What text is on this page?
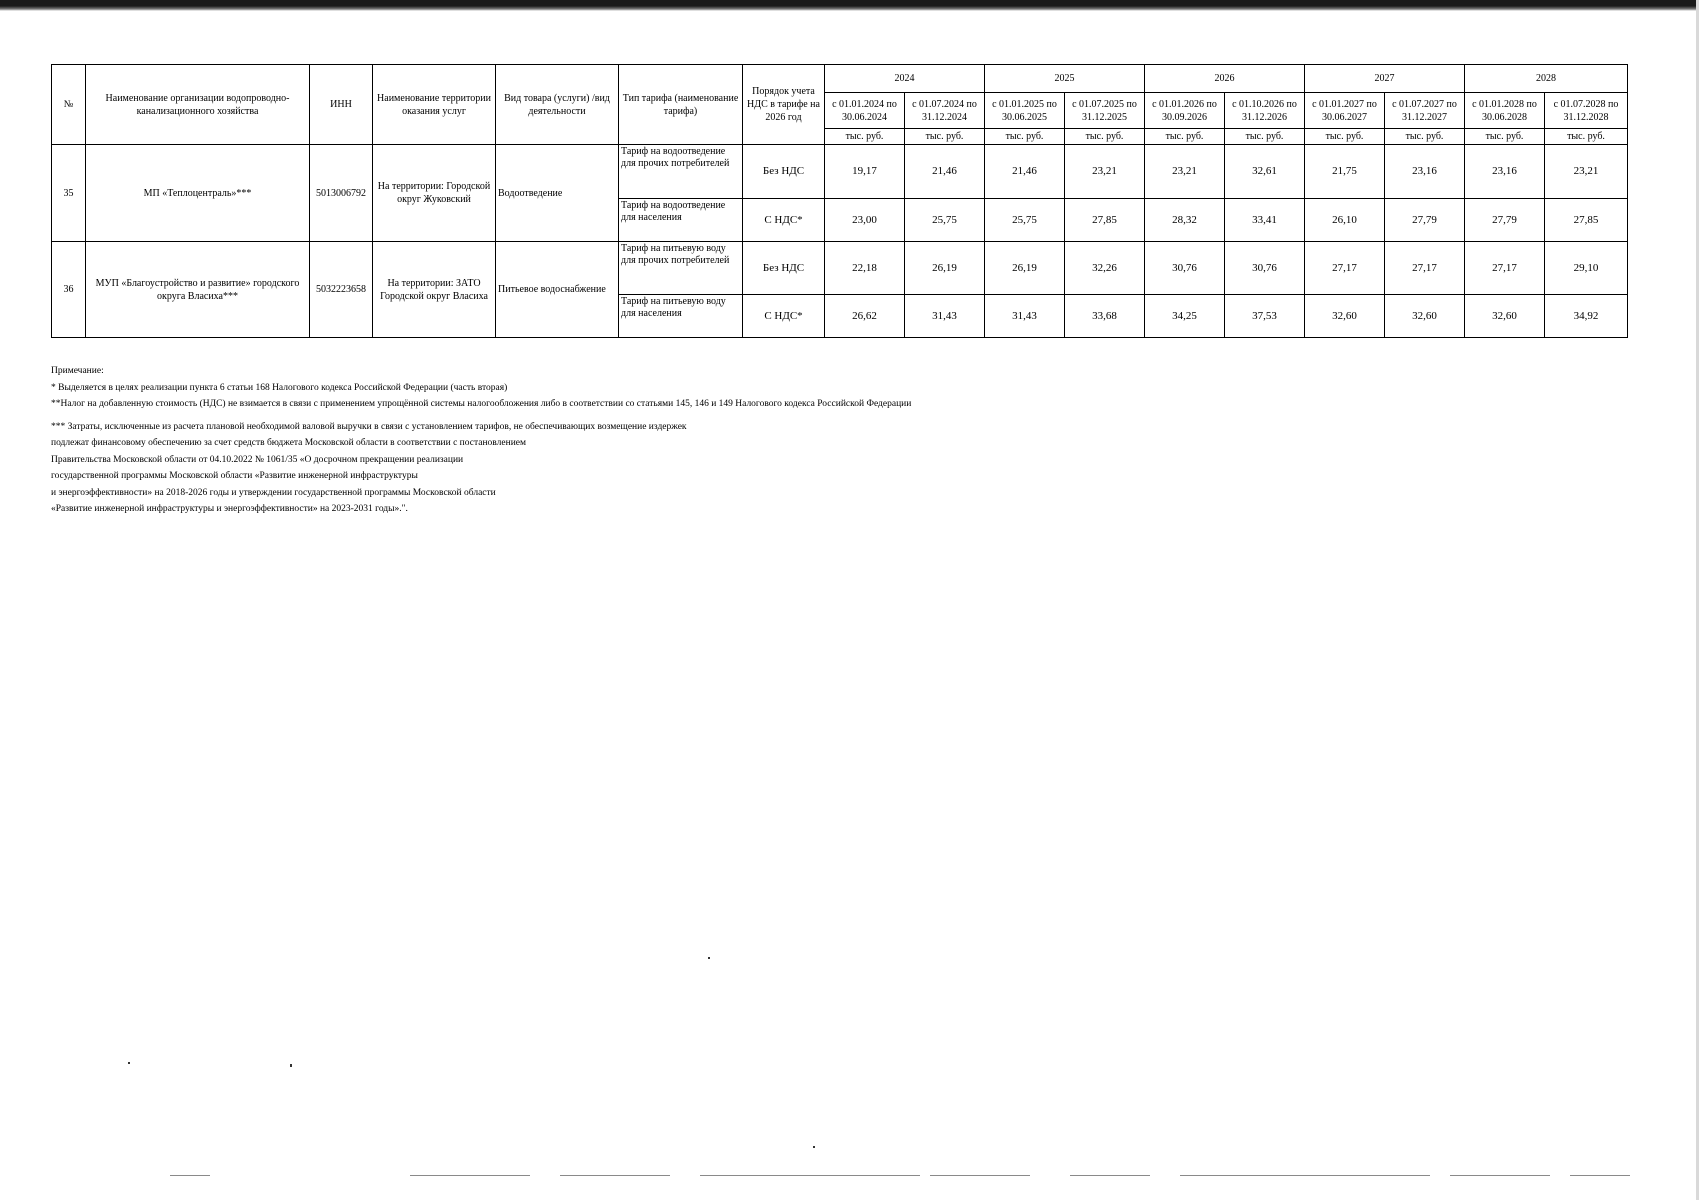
№	Наименование организации водопроводно-канализационного хозяйства	ИНН	Наименование территории оказания услуг	Вид товара (услуги) /вид деятельности	Тип тарифа (наименование тарифа)	Порядок учета НДС в тарифе на 2026 год	2024		2025		2026		2027		2028	
							с 01.01.2024 по 30.06.2024	с 01.07.2024 по 31.12.2024	с 01.01.2025 по 30.06.2025	с 01.07.2025 по 31.12.2025	с 01.01.2026 по 30.09.2026	с 01.10.2026 по 31.12.2026	с 01.01.2027 по 30.06.2027	с 01.07.2027 по 31.12.2027	с 01.01.2028 по 30.06.2028	с 01.07.2028 по 31.12.2028
							тыс. руб.	тыс. руб.	тыс. руб.	тыс. руб.	тыс. руб.	тыс. руб.	тыс. руб.	тыс. руб.	тыс. руб.	тыс. руб.
35	МП «Теплоцентраль»***	5013006792	На территории: Городской округ Жуковский	Водоотведение	Тариф на водоотведение для прочих потребителей	Без НДС	19,17	21,46	21,46	23,21	23,21	32,61	21,75	23,16	23,16	23,21
					Тариф на водоотведение для населения	С НДС*	23,00	25,75	25,75	27,85	28,32	33,41	26,10	27,79	27,79	27,85
36	МУП «Благоустройство и развитие» городского округа Власиха***	5032223658	На территории: ЗАТО Городской округ Власиха	Питьевое водоснабжение	Тариф на питьевую воду для прочих потребителей	Без НДС	22,18	26,19	26,19	32,26	30,76	30,76	27,17	27,17	27,17	29,10
					Тариф на питьевую воду для населения	С НДС*	26,62	31,43	31,43	33,68	34,25	37,53	32,60	32,60	32,60	34,92

Примечание:

* Выделяется в целях реализации пункта 6 статьи 168 Налогового кодекса Российской Федерации (часть вторая)

**Налог на добавленную стоимость (НДС) не взимается в связи с применением упрощённой системы налогообложения либо в соответствии со статьями 145, 146 и 149 Налогового кодекса Российской Федерации

*** Затраты, исключенные из расчета плановой необходимой валовой выручки в связи с установлением тарифов, не обеспечивающих возмещение издержек

подлежат финансовому обеспечению за счет средств бюджета Московской области в соответствии с постановлением

Правительства Московской области от 04.10.2022 № 1061/35 «О досрочном прекращении реализации

государственной программы Московской области «Развитие инженерной инфраструктуры

и энергоэффективности» на 2018-2026 годы и утверждении государственной программы Московской области

«Развитие инженерной инфраструктуры и энергоэффективности» на 2023-2031 годы».".
